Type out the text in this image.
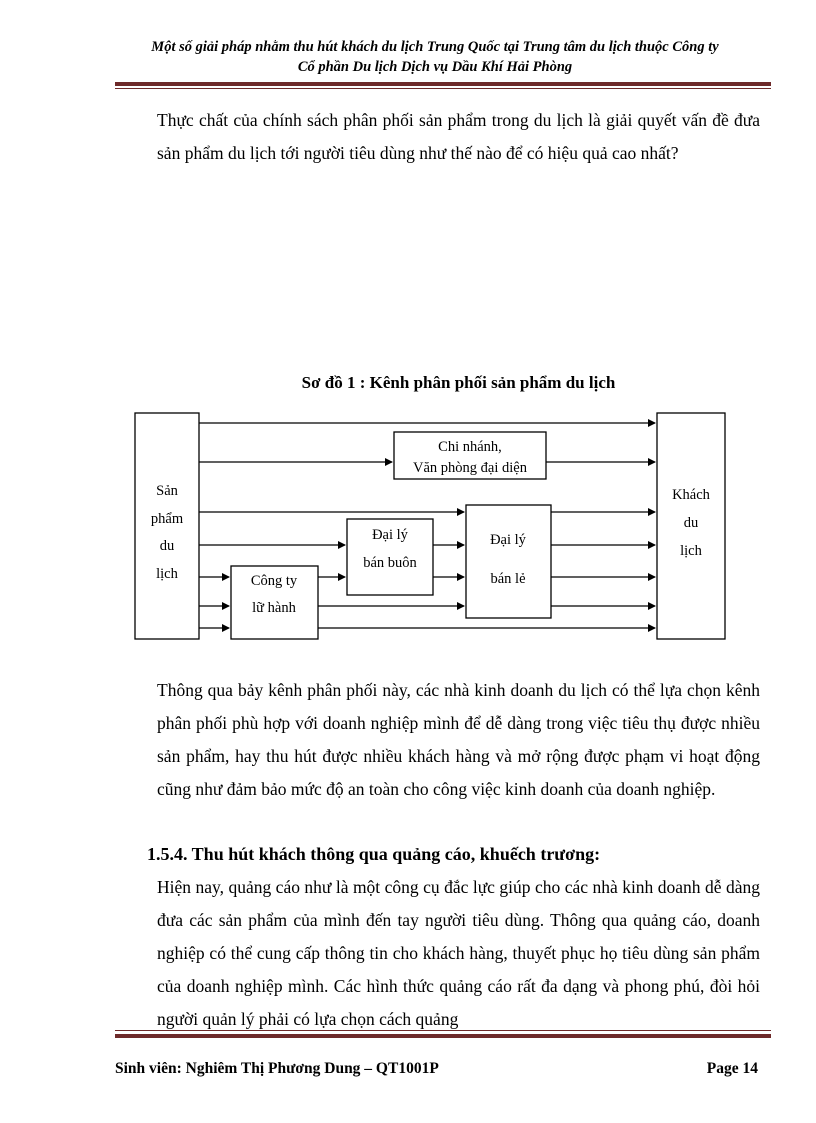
Một số giải pháp nhằm thu hút khách du lịch Trung Quốc tại Trung tâm du lịch thuộc Công ty
Cổ phần Du lịch Dịch vụ Dầu Khí Hải Phòng

Thực chất của chính sách phân phối sản phẩm trong du lịch là giải quyết vấn đề đưa sản phẩm du lịch tới người tiêu dùng như thế nào để có hiệu quả cao nhất?

Sơ đồ 1 : Kênh phân phối sản phẩm du lịch

Sản
phẩm
du
lịch
Khách
du
lịch
Chi nhánh,
Văn phòng đại diện
Đại lý
bán buôn
Đại lý
bán lẻ
Công ty
lữ hành

Thông qua bảy kênh phân phối này, các nhà kinh doanh du lịch có thể lựa chọn kênh phân phối phù hợp với doanh nghiệp mình để dễ dàng trong việc tiêu thụ được nhiều sản phẩm, hay thu hút được nhiều khách hàng và mở rộng được phạm vi hoạt động cũng như đảm bảo mức độ an toàn cho công việc kinh doanh của doanh nghiệp.

1.5.4. Thu hút khách thông qua quảng cáo, khuếch trương:

Hiện nay, quảng cáo như là một công cụ đắc lực giúp cho các nhà kinh doanh dễ dàng đưa các sản phẩm của mình đến tay người tiêu dùng. Thông qua quảng cáo, doanh nghiệp có thể cung cấp thông tin cho khách hàng, thuyết phục họ tiêu dùng sản phẩm của doanh nghiệp mình. Các hình thức quảng cáo rất đa dạng và phong phú, đòi hỏi người quản lý phải có lựa chọn cách quảng

Sinh viên: Nghiêm Thị Phương Dung – QT1001P	Page 14
